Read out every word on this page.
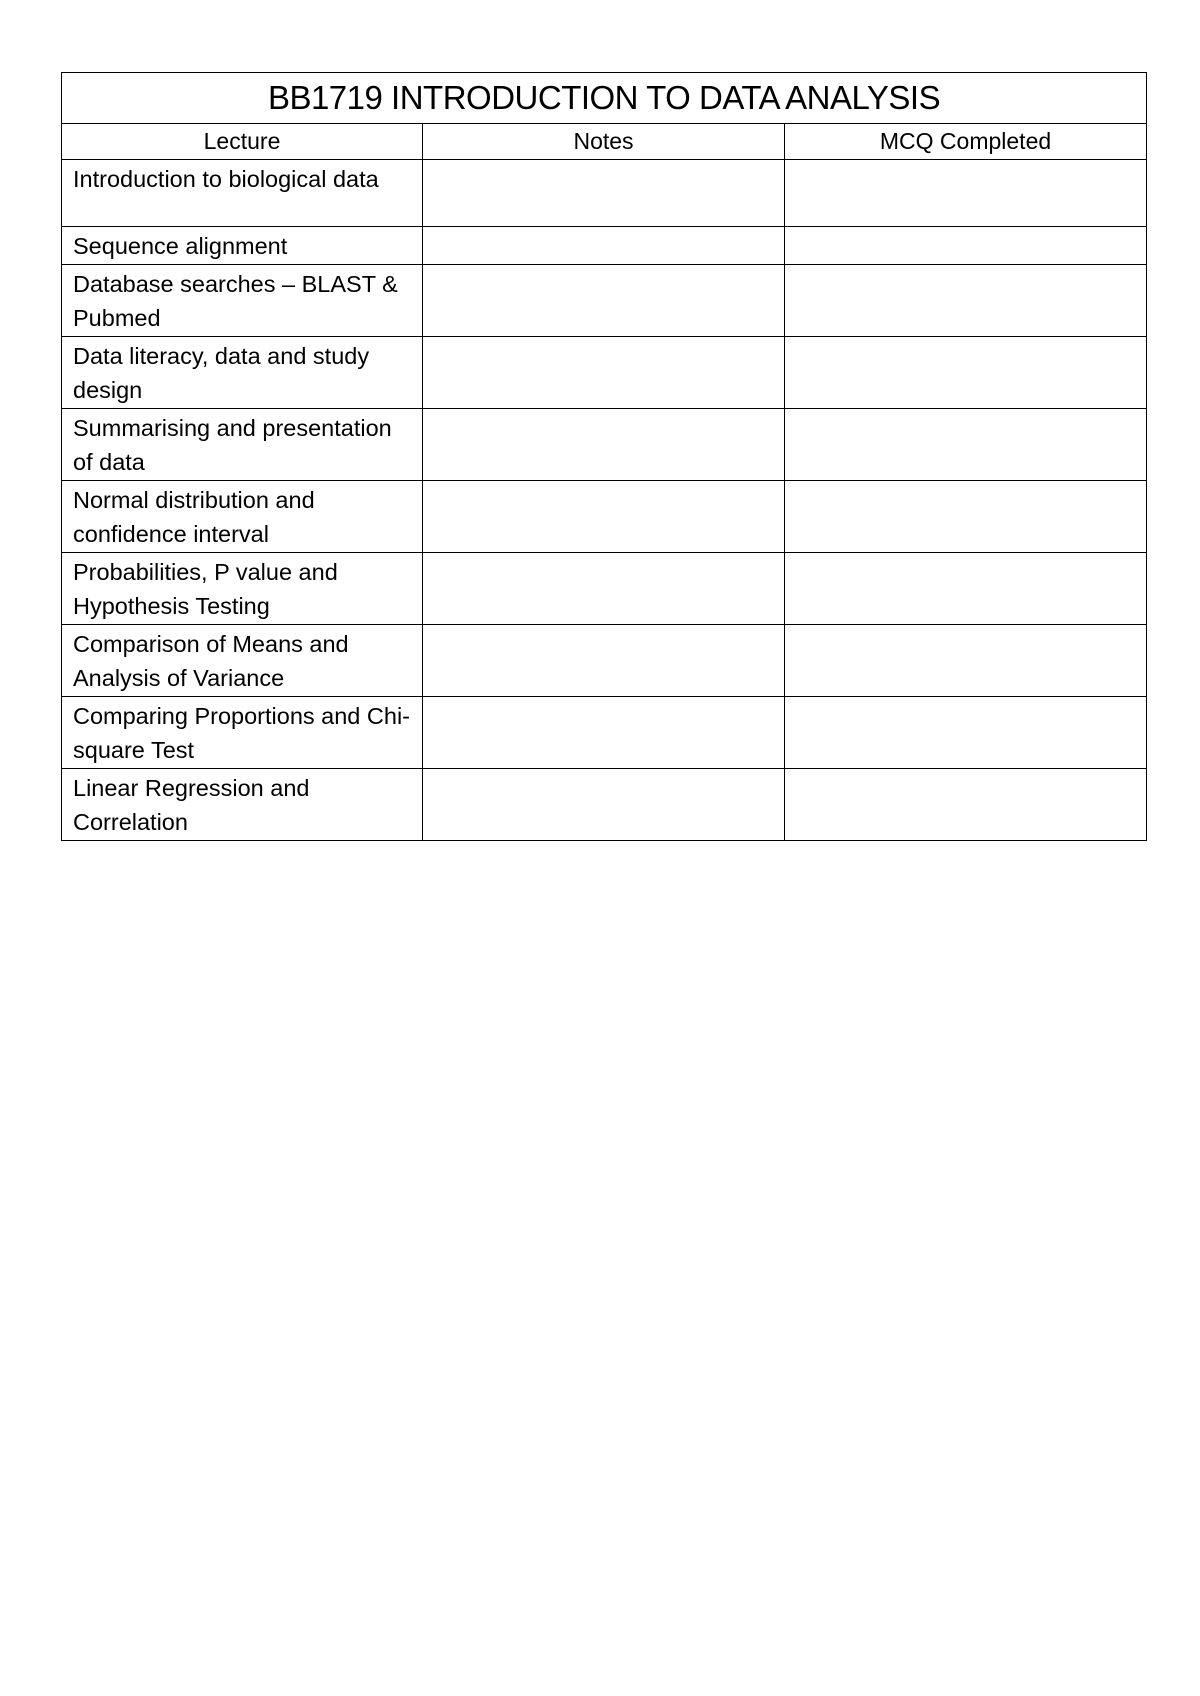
BB1719 INTRODUCTION TO DATA ANALYSIS		
Lecture	Notes	MCQ Completed
Introduction to biological data		
Sequence alignment		
Database searches – BLAST & Pubmed		
Data literacy, data and study design		
Summarising and presentation of data		
Normal distribution and confidence interval		
Probabilities, P value and Hypothesis Testing		
Comparison of Means and Analysis of Variance		
Comparing Proportions and Chi-square Test		
Linear Regression and Correlation		
